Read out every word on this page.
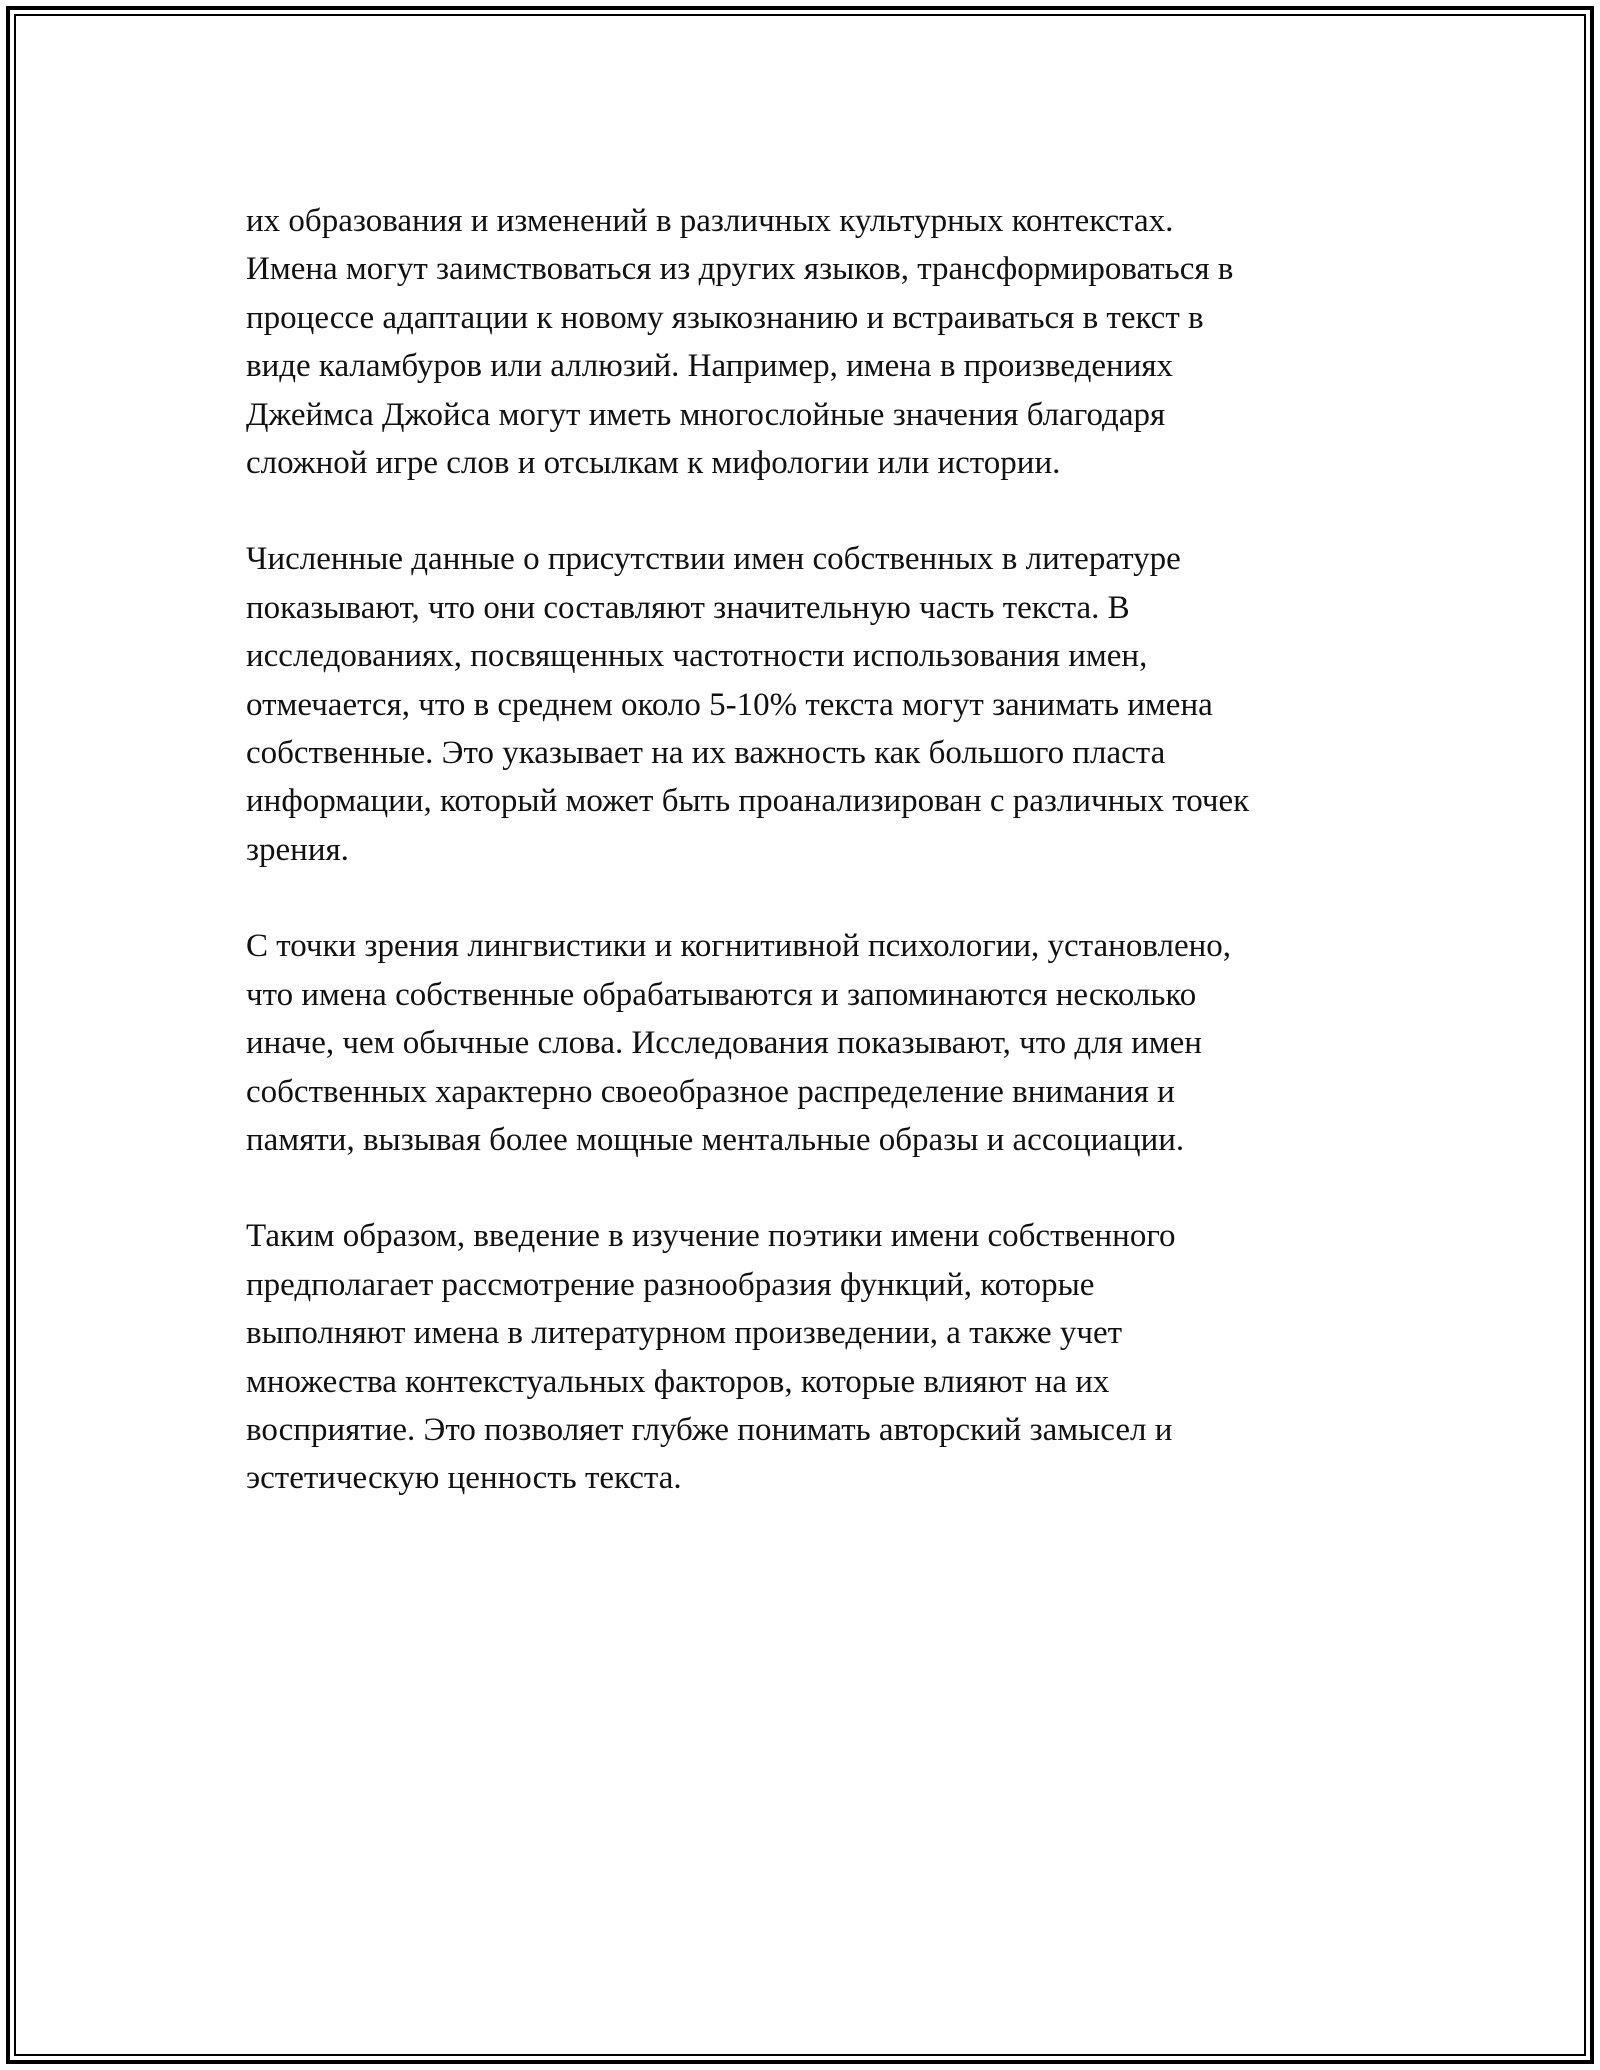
их образования и изменений в различных культурных контекстах.
Имена могут заимствоваться из других языков, трансформироваться в
процессе адаптации к новому языкознанию и встраиваться в текст в
виде каламбуров или аллюзий. Например, имена в произведениях
Джеймса Джойса могут иметь многослойные значения благодаря
сложной игре слов и отсылкам к мифологии или истории.
Численные данные о присутствии имен собственных в литературе
показывают, что они составляют значительную часть текста. В
исследованиях, посвященных частотности использования имен,
отмечается, что в среднем около 5-10% текста могут занимать имена
собственные. Это указывает на их важность как большого пласта
информации, который может быть проанализирован с различных точек
зрения.
С точки зрения лингвистики и когнитивной психологии, установлено,
что имена собственные обрабатываются и запоминаются несколько
иначе, чем обычные слова. Исследования показывают, что для имен
собственных характерно своеобразное распределение внимания и
памяти, вызывая более мощные ментальные образы и ассоциации.
Таким образом, введение в изучение поэтики имени собственного
предполагает рассмотрение разнообразия функций, которые
выполняют имена в литературном произведении, а также учет
множества контекстуальных факторов, которые влияют на их
восприятие. Это позволяет глубже понимать авторский замысел и
эстетическую ценность текста.
